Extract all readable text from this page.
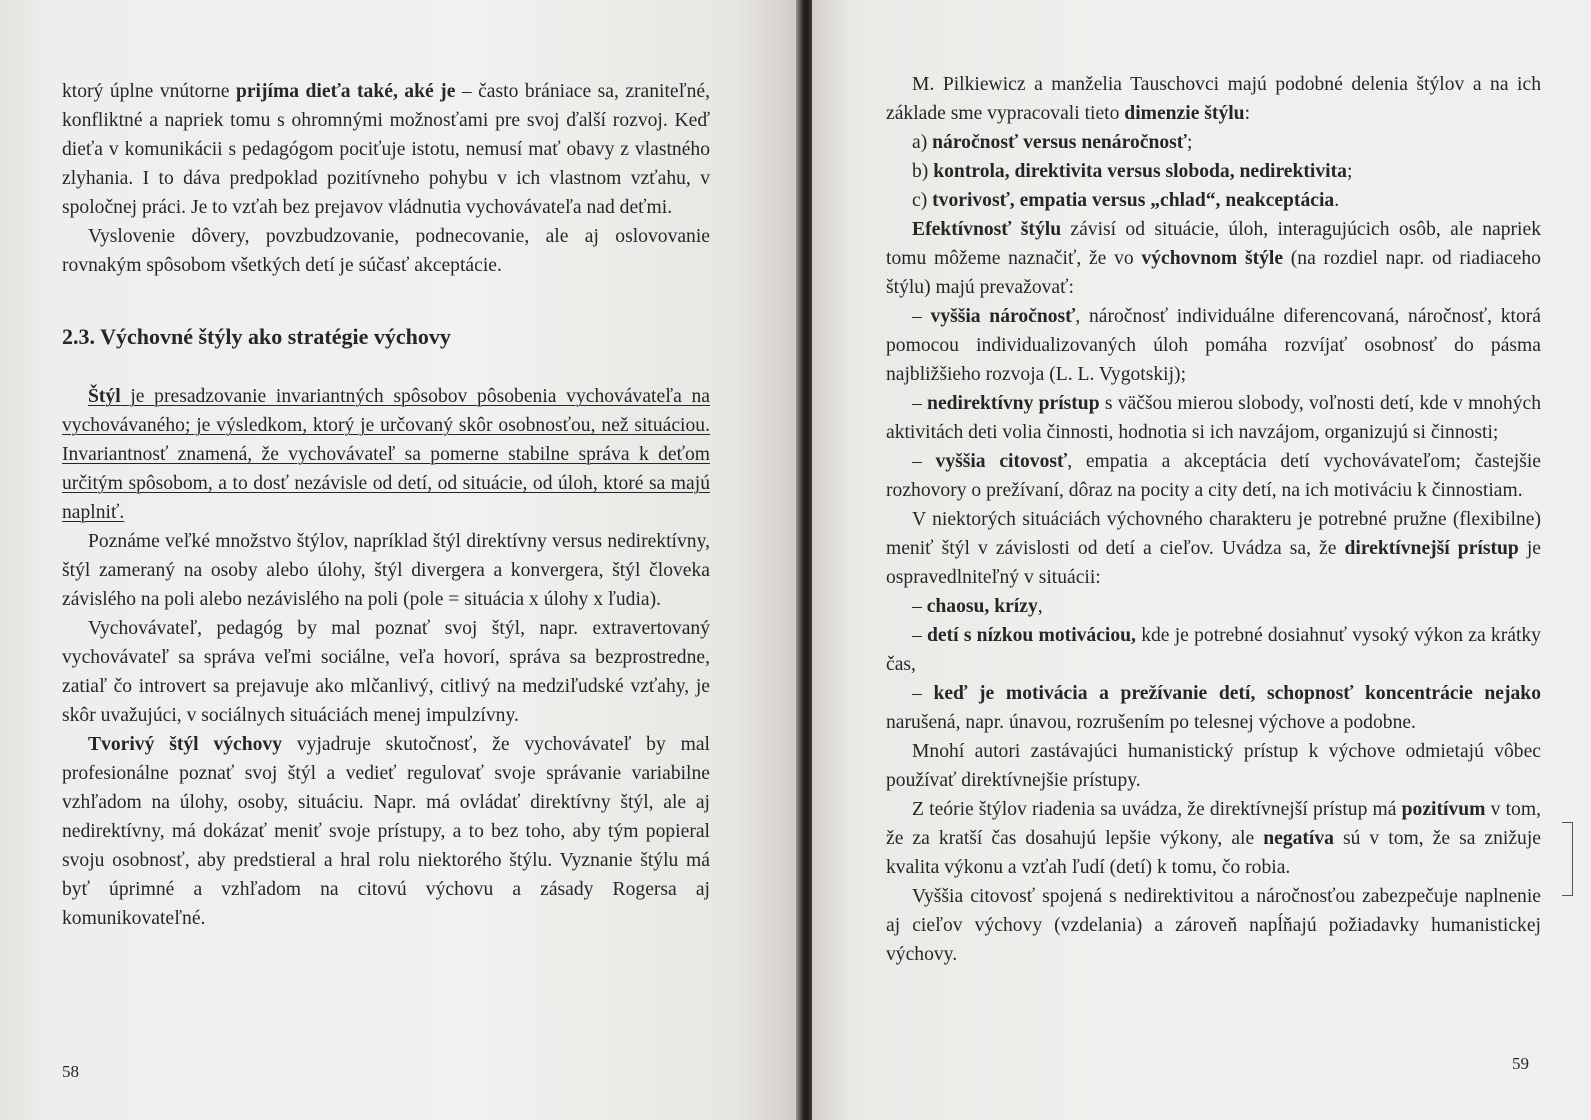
ktorý úplne vnútorne prijíma dieťa také, aké je – často brániace sa, zraniteľné, konfliktné a napriek tomu s ohromnými možnosťami pre svoj ďalší rozvoj. Keď dieťa v komunikácii s pedagógom pociťuje istotu, nemusí mať obavy z vlastného zlyhania. I to dáva predpoklad pozitívneho pohybu v ich vlastnom vzťahu, v spoločnej práci. Je to vzťah bez prejavov vládnutia vychovávateľa nad deťmi.

Vyslovenie dôvery, povzbudzovanie, podnecovanie, ale aj oslovovanie rovnakým spôsobom všetkých detí je súčasť akceptácie.

2.3. Výchovné štýly ako stratégie výchovy

Štýl je presadzovanie invariantných spôsobov pôsobenia vychovávateľa na vychovávaného; je výsledkom, ktorý je určovaný skôr osobnosťou, než situáciou. Invariantnosť znamená, že vychovávateľ sa pomerne stabilne správa k deťom určitým spôsobom, a to dosť nezávisle od detí, od situácie, od úloh, ktoré sa majú naplniť.

Poznáme veľké množstvo štýlov, napríklad štýl direktívny versus nedirektívny, štýl zameraný na osoby alebo úlohy, štýl divergera a konvergera, štýl človeka závislého na poli alebo nezávislého na poli (pole = situácia x úlohy x ľudia).

Vychovávateľ, pedagóg by mal poznať svoj štýl, napr. extravertovaný vychovávateľ sa správa veľmi sociálne, veľa hovorí, správa sa bezprostredne, zatiaľ čo introvert sa prejavuje ako mlčanlivý, citlivý na medziľudské vzťahy, je skôr uvažujúci, v sociálnych situáciách menej impulzívny.

Tvorivý štýl výchovy vyjadruje skutočnosť, že vychovávateľ by mal profesionálne poznať svoj štýl a vedieť regulovať svoje správanie variabilne vzhľadom na úlohy, osoby, situáciu. Napr. má ovládať direktívny štýl, ale aj nedirektívny, má dokázať meniť svoje prístupy, a to bez toho, aby tým popieral svoju osobnosť, aby predstieral a hral rolu niektorého štýlu. Vyznanie štýlu má byť úprimné a vzhľadom na citovú výchovu a zásady Rogersa aj komunikovateľné.

58

M. Pilkiewicz a manželia Tauschovci majú podobné delenia štýlov a na ich základe sme vypracovali tieto dimenzie štýlu:

a) náročnosť versus nenáročnosť;

b) kontrola, direktivita versus sloboda, nedirektivita;

c) tvorivosť, empatia versus „chlad“, neakceptácia.

Efektívnosť štýlu závisí od situácie, úloh, interagujúcich osôb, ale napriek tomu môžeme naznačiť, že vo výchovnom štýle (na rozdiel napr. od riadiaceho štýlu) majú prevažovať:

– vyššia náročnosť, náročnosť individuálne diferencovaná, náročnosť, ktorá pomocou individualizovaných úloh pomáha rozvíjať osobnosť do pásma najbližšieho rozvoja (L. L. Vygotskij);

– nedirektívny prístup s väčšou mierou slobody, voľnosti detí, kde v mnohých aktivitách deti volia činnosti, hodnotia si ich navzájom, organizujú si činnosti;

– vyššia citovosť, empatia a akceptácia detí vychovávateľom; častejšie rozhovory o prežívaní, dôraz na pocity a city detí, na ich motiváciu k činnostiam.

V niektorých situáciách výchovného charakteru je potrebné pružne (flexibilne) meniť štýl v závislosti od detí a cieľov. Uvádza sa, že direktívnejší prístup je ospravedlniteľný v situácii:

– chaosu, krízy,

– detí s nízkou motiváciou, kde je potrebné dosiahnuť vysoký výkon za krátky čas,

– keď je motivácia a prežívanie detí, schopnosť koncentrácie nejako narušená, napr. únavou, rozrušením po telesnej výchove a podobne.

Mnohí autori zastávajúci humanistický prístup k výchove odmietajú vôbec používať direktívnejšie prístupy.

Z teórie štýlov riadenia sa uvádza, že direktívnejší prístup má pozitívum v tom, že za kratší čas dosahujú lepšie výkony, ale negatíva sú v tom, že sa znižuje kvalita výkonu a vzťah ľudí (detí) k tomu, čo robia.

Vyššia citovosť spojená s nedirektivitou a náročnosťou zabezpečuje naplnenie aj cieľov výchovy (vzdelania) a zároveň napĺňajú požiadavky humanistickej výchovy.

59
